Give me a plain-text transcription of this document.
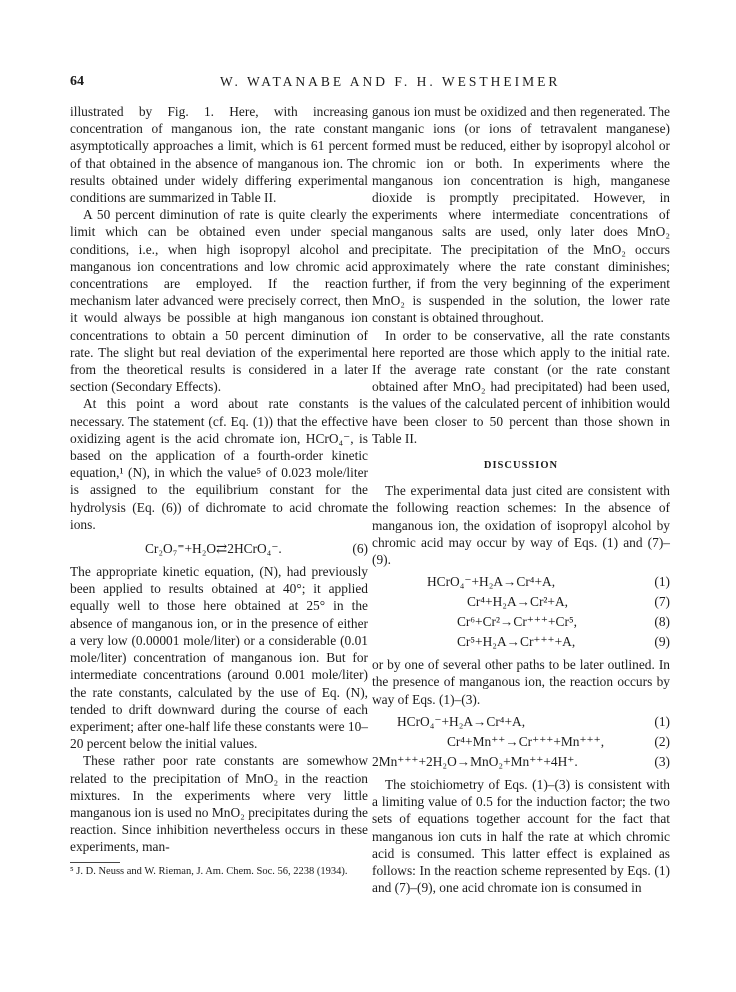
64	W. WATANABE AND F. H. WESTHEIMER

illustrated by Fig. 1. Here, with increasing concentration of manganous ion, the rate constant asymptotically approaches a limit, which is 61 percent of that obtained in the absence of manganous ion. The results obtained under widely differing experimental conditions are summarized in Table II.

A 50 percent diminution of rate is quite clearly the limit which can be obtained even under special conditions, i.e., when high isopropyl alcohol and manganous ion concentrations and low chromic acid concentrations are employed. If the reaction mechanism later advanced were precisely correct, then it would always be possible at high manganous ion concentrations to obtain a 50 percent diminution of rate. The slight but real deviation of the experimental from the theoretical results is considered in a later section (Secondary Effects).

At this point a word about rate constants is necessary. The statement (cf. Eq. (1)) that the effective oxidizing agent is the acid chromate ion, HCrO₄⁻, is based on the application of a fourth-order kinetic equation,¹ (N), in which the value⁵ of 0.023 mole/liter is assigned to the equilibrium constant for the hydrolysis (Eq. (6)) of dichromate to acid chromate ions.

Cr₂O₇⁼+H₂O⇄2HCrO₄⁻.	(6)

The appropriate kinetic equation, (N), had previously been applied to results obtained at 40°; it applied equally well to those here obtained at 25° in the absence of manganous ion, or in the presence of either a very low (0.00001 mole/liter) or a considerable (0.01 mole/liter) concentration of manganous ion. But for intermediate concentrations (around 0.001 mole/liter) the rate constants, calculated by the use of Eq. (N), tended to drift downward during the course of each experiment; after one-half life these constants were 10–20 percent below the initial values.

These rather poor rate constants are somewhow related to the precipitation of MnO₂ in the reaction mixtures. In the experiments where very little manganous ion is used no MnO₂ precipitates during the reaction. Since inhibition nevertheless occurs in these experiments, man-

⁵ J. D. Neuss and W. Rieman, J. Am. Chem. Soc. 56, 2238 (1934).

ganous ion must be oxidized and then regenerated. The manganic ions (or ions of tetravalent manganese) formed must be reduced, either by isopropyl alcohol or chromic ion or both. In experiments where the manganous ion concentration is high, manganese dioxide is promptly precipitated. However, in experiments where intermediate concentrations of manganous salts are used, only later does MnO₂ precipitate. The precipitation of the MnO₂ occurs approximately where the rate constant diminishes; further, if from the very beginning of the experiment MnO₂ is suspended in the solution, the lower rate constant is obtained throughout.

In order to be conservative, all the rate constants here reported are those which apply to the initial rate. If the average rate constant (or the rate constant obtained after MnO₂ had precipitated) had been used, the values of the calculated percent of inhibition would have been closer to 50 percent than those shown in Table II.

DISCUSSION

The experimental data just cited are consistent with the following reaction schemes: In the absence of manganous ion, the oxidation of isopropyl alcohol by chromic acid may occur by way of Eqs. (1) and (7)–(9).

HCrO₄⁻+H₂A→Cr⁴+A,	(1)
Cr⁴+H₂A→Cr²+A,	(7)
Cr⁶+Cr²→Cr⁺⁺⁺+Cr⁵,	(8)
Cr⁵+H₂A→Cr⁺⁺⁺+A,	(9)

or by one of several other paths to be later outlined. In the presence of manganous ion, the reaction occurs by way of Eqs. (1)–(3).

HCrO₄⁻+H₂A→Cr⁴+A,	(1)
Cr⁴+Mn⁺⁺→Cr⁺⁺⁺+Mn⁺⁺⁺,	(2)
2Mn⁺⁺⁺+2H₂O→MnO₂+Mn⁺⁺+4H⁺.	(3)

The stoichiometry of Eqs. (1)–(3) is consistent with a limiting value of 0.5 for the induction factor; the two sets of equations together account for the fact that manganous ion cuts in half the rate at which chromic acid is consumed. This latter effect is explained as follows: In the reaction scheme represented by Eqs. (1) and (7)–(9), one acid chromate ion is consumed in
